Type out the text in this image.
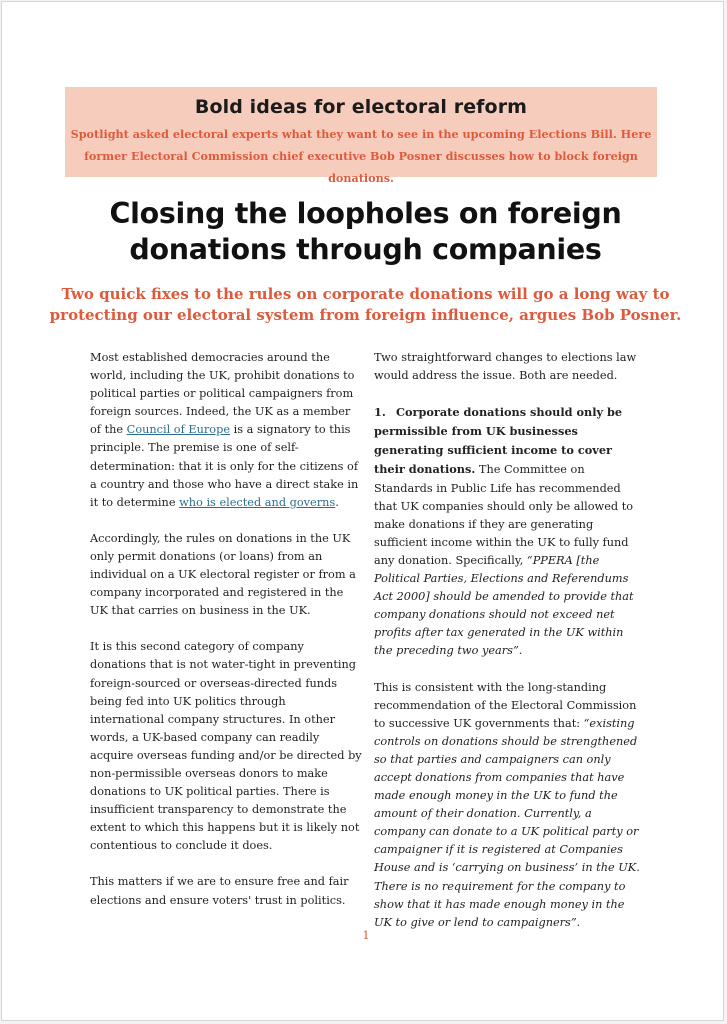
Bold ideas for electoral reform

Spotlight asked electoral experts what they want to see in the upcoming Elections Bill. Here
former Electoral Commission chief executive Bob Posner discusses how to block foreign donations.

Closing the loopholes on foreign
donations through companies

Two quick fixes to the rules on corporate donations will go a long way to
protecting our electoral system from foreign influence, argues Bob Posner.

Most established democracies around the world, including the UK, prohibit donations to political parties or political campaigners from foreign sources. Indeed, the UK as a member of the Council of Europe is a signatory to this principle. The premise is one of self-determination: that it is only for the citizens of a country and those who have a direct stake in it to determine who is elected and governs.

Accordingly, the rules on donations in the UK only permit donations (or loans) from an individual on a UK electoral register or from a company incorporated and registered in the UK that carries on business in the UK.

It is this second category of company donations that is not water-tight in preventing foreign-sourced or overseas-directed funds being fed into UK politics through international company structures. In other words, a UK-based company can readily acquire overseas funding and/or be directed by non-permissible overseas donors to make donations to UK political parties. There is insufficient transparency to demonstrate the extent to which this happens but it is likely not contentious to conclude it does.

This matters if we are to ensure free and fair elections and ensure voters' trust in politics.

Two straightforward changes to elections law would address the issue. Both are needed.

1. Corporate donations should only be permissible from UK businesses generating sufficient income to cover their donations. The Committee on Standards in Public Life has recommended that UK companies should only be allowed to make donations if they are generating sufficient income within the UK to fully fund any donation. Specifically, “PPERA [the Political Parties, Elections and Referendums Act 2000] should be amended to provide that company donations should not exceed net profits after tax generated in the UK within the preceding two years”.

This is consistent with the long-standing recommendation of the Electoral Commission to successive UK governments that: “existing controls on donations should be strengthened so that parties and campaigners can only accept donations from companies that have made enough money in the UK to fund the amount of their donation. Currently, a company can donate to a UK political party or campaigner if it is registered at Companies House and is ‘carrying on business’ in the UK. There is no requirement for the company to show that it has made enough money in the UK to give or lend to campaigners”.

1
